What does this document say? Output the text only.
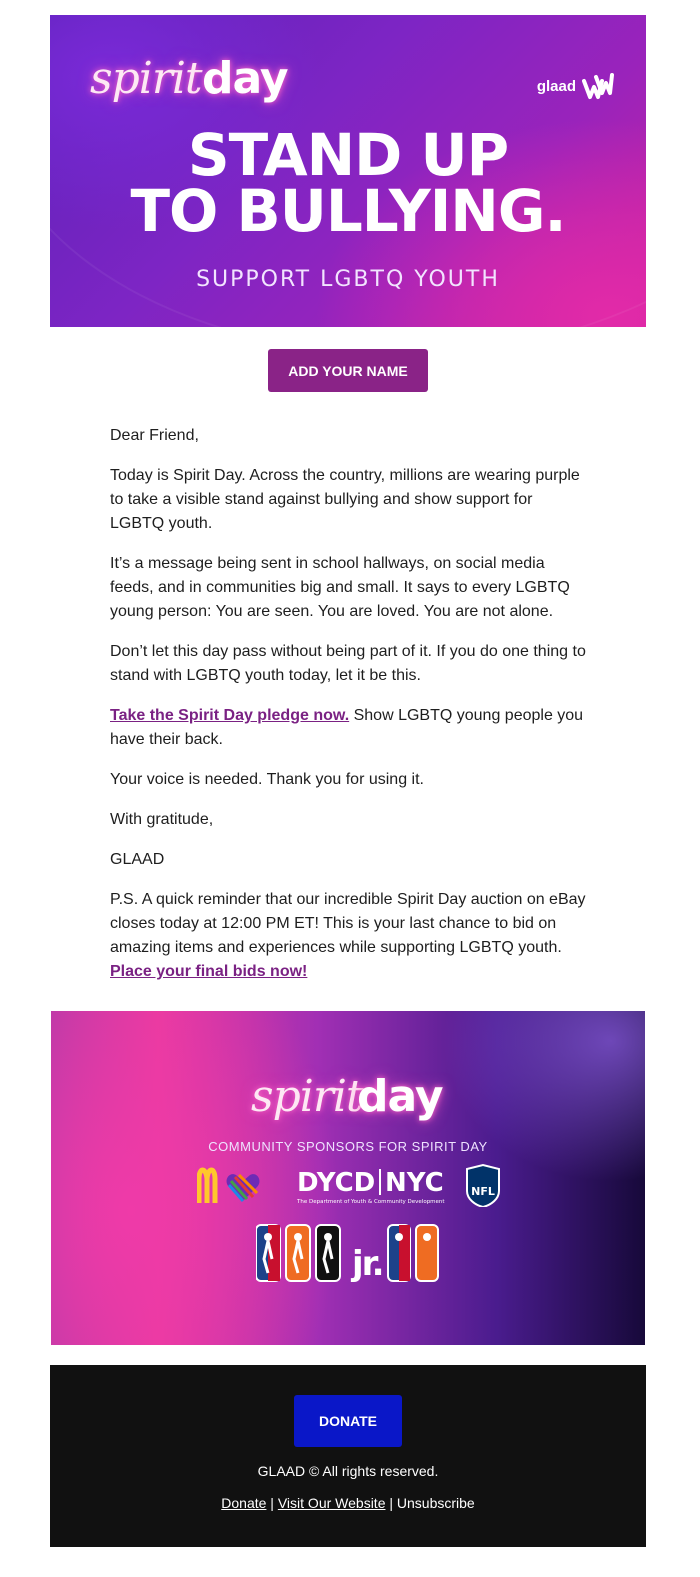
spirit day	glaad
STAND UP
TO BULLYING.
SUPPORT LGBTQ YOUTH
ADD YOUR NAME

Dear Friend,

Today is Spirit Day. Across the country, millions are wearing purple to take a visible stand against bullying and show support for LGBTQ youth.

It’s a message being sent in school hallways, on social media feeds, and in communities big and small. It says to every LGBTQ young person: You are seen. You are loved. You are not alone.

Don’t let this day pass without being part of it. If you do one thing to stand with LGBTQ youth today, let it be this.

Take the Spirit Day pledge now. Show LGBTQ young people you have their back.

Your voice is needed. Thank you for using it.

With gratitude,

GLAAD

P.S. A quick reminder that our incredible Spirit Day auction on eBay closes today at 12:00 PM ET! This is your last chance to bid on amazing items and experiences while supporting LGBTQ youth.
Place your final bids now!

spirit
day
COMMUNITY SPONSORS FOR SPIRIT DAY
DYCD NYC
The Department of Youth & Community Development
NFL
jr.
DONATE
GLAAD © All rights reserved.
Donate | Visit Our Website | Unsubscribe
